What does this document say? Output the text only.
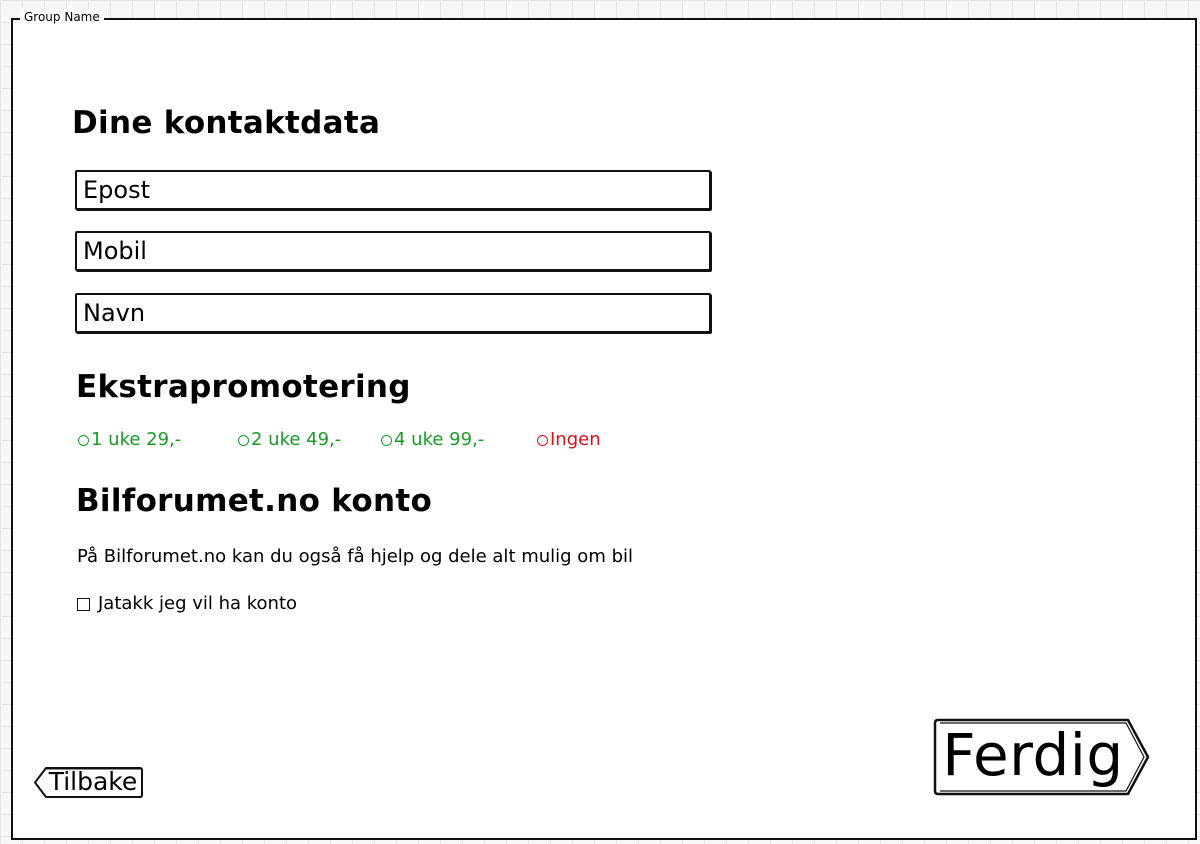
Group Name
Dine kontaktdata
Epost
Mobil
Navn
Ekstrapromotering
1 uke 29,-	2 uke 49,-	4 uke 99,-	Ingen
Bilforumet.no konto
På Bilforumet.no kan du også få hjelp og dele alt mulig om bil
Jatakk jeg vil ha konto
Tilbake	Ferdig
